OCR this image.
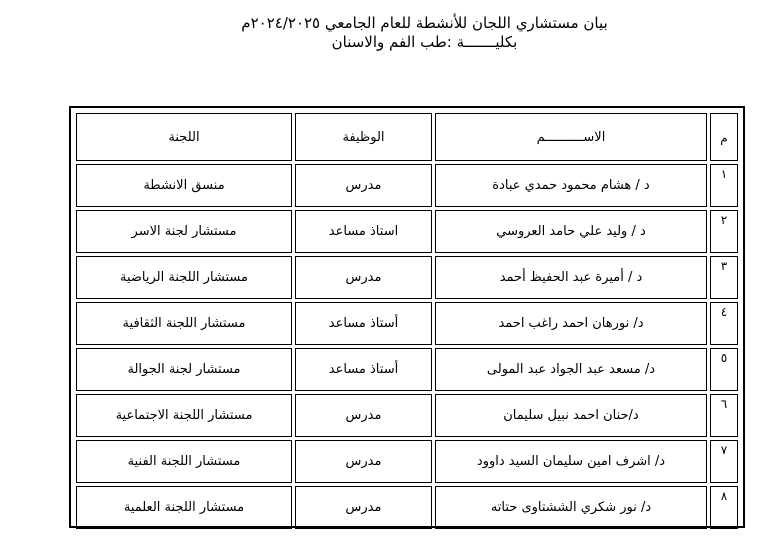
بيان مستشاري اللجان للأنشطة للعام الجامعي ٢٠٢٤/٢٠٢٥م
بكليـــــــة :طب الفم والاسنان
م	الاســــــــــم	الوظيفة	اللجنة
١	د / هشام محمود حمدي عبادة	مدرس	منسق الانشطة
٢	د / وليد علي حامد العروسي	استاذ مساعد	مستشار لجنة الاسر
٣	د / أميرة عبد الحفيظ أحمد	مدرس	مستشار اللجنة الرياضية
٤	د/ نورهان احمد راغب احمد	أستاذ مساعد	مستشار اللجنة الثقافية
٥	د/ مسعد عبد الجواد عبد المولى	أستاذ مساعد	مستشار لجنة الجوالة
٦	د/حنان احمد نبيل سليمان	مدرس	مستشار اللجنة الاجتماعية
٧	د/ اشرف امين سليمان السيد داوود	مدرس	مستشار اللجنة الفنية
٨	د/ نور شكري الششتاوى حتاته	مدرس	مستشار اللجنة العلمية
